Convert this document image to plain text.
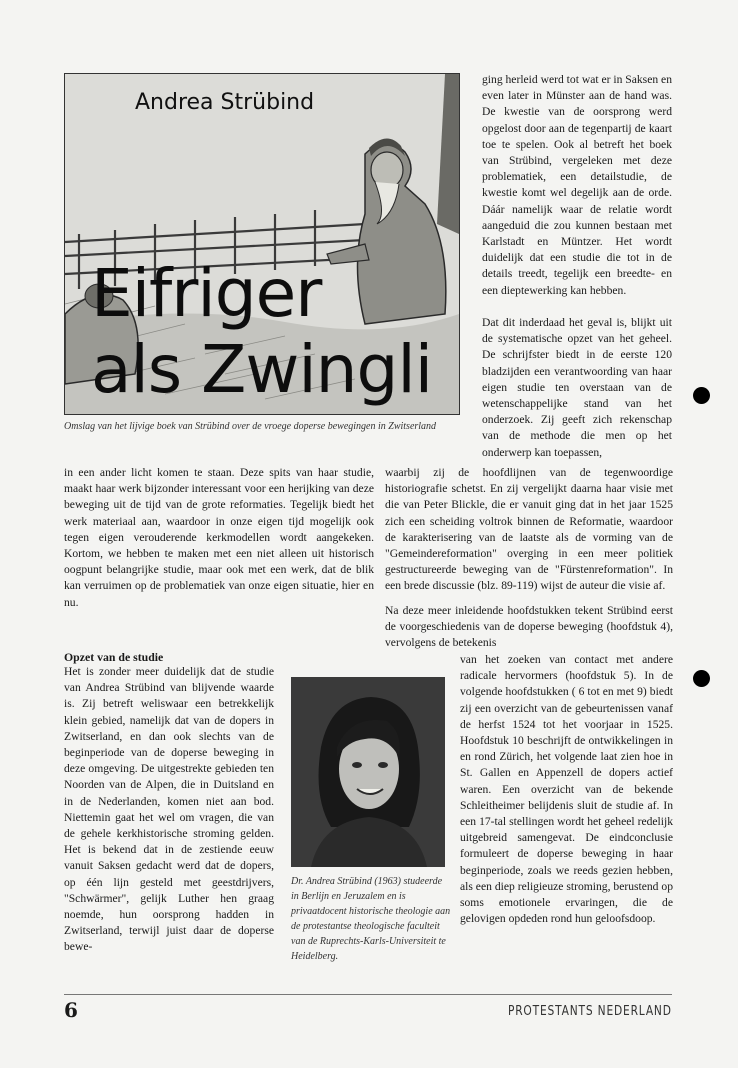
Andrea Strübind

Eifriger
als Zwingli

Omslag van het lijvige boek van Strübind over de vroege doperse bewegingen in Zwitserland

ging herleid werd tot wat er in Saksen en even later in Münster aan de hand was. De kwestie van de oorsprong werd opgelost door aan de tegenpartij de kaart toe te spelen. Ook al betreft het boek van Strübind, vergeleken met deze problematiek, een detailstudie, de kwestie komt wel degelijk aan de orde. Dáár namelijk waar de relatie wordt aangeduid die zou kunnen bestaan met Karlstadt en Müntzer. Het wordt duidelijk dat een studie die tot in de details treedt, tegelijk een breedte- en een dieptewerking kan hebben.

Dat dit inderdaad het geval is, blijkt uit de systematische opzet van het geheel. De schrijfster biedt in de eerste 120 bladzijden een verantwoording van haar eigen studie ten overstaan van de wetenschappelijke stand van het onderzoek. Zij geeft zich rekenschap van de methode die men op het onderwerp kan toepassen,

in een ander licht komen te staan. Deze spits van haar studie, maakt haar werk bijzonder interessant voor een herijking van deze beweging uit de tijd van de grote reformaties. Tegelijk biedt het werk materiaal aan, waardoor in onze eigen tijd mogelijk ook tegen eigen verouderende kerkmodellen wordt aangekeken. Kortom, we hebben te maken met een niet alleen uit historisch oogpunt belangrijke studie, maar ook met een werk, dat de blik kan verruimen op de problematiek van onze eigen situatie, hier en nu.

waarbij zij de hoofdlijnen van de tegenwoordige historiografie schetst. En zij vergelijkt daarna haar visie met die van Peter Blickle, die er vanuit ging dat in het jaar 1525 zich een scheiding voltrok binnen de Reformatie, waardoor de karakterisering van de laatste als de vorming van de "Gemeindereformation" overging in een meer politiek gestructureerde beweging van de "Fürstenreformation". In een brede discussie (blz. 89-119) wijst de auteur die visie af.

Na deze meer inleidende hoofdstukken tekent Strübind eerst de voorgeschiedenis van de doperse beweging (hoofdstuk 4), vervolgens de betekenis

van het zoeken van contact met andere radicale hervormers (hoofdstuk 5). In de volgende hoofdstukken ( 6 tot en met 9) biedt zij een overzicht van de gebeurtenissen vanaf de herfst 1524 tot het voorjaar in 1525. Hoofdstuk 10 beschrijft de ontwikkelingen in en rond Zürich, het volgende laat zien hoe in St. Gallen en Appenzell de dopers actief waren. Een overzicht van de bekende Schleitheimer belijdenis sluit de studie af. In een 17-tal stellingen wordt het geheel redelijk uitgebreid samengevat. De eindconclusie formuleert de doperse beweging in haar beginperiode, zoals we reeds gezien hebben, als een diep religieuze stroming, berustend op soms emotionele ervaringen, die de gelovigen opdeden rond hun geloofsdoop.

Opzet van de studie

Het is zonder meer duidelijk dat de studie van Andrea Strübind van blijvende waarde is. Zij betreft weliswaar een betrekkelijk klein gebied, namelijk dat van de dopers in Zwitserland, en dan ook slechts van de beginperiode van de doperse beweging in deze omgeving. De uitgestrekte gebieden ten Noorden van de Alpen, die in Duitsland en in de Nederlanden, komen niet aan bod. Niettemin gaat het wel om vragen, die van de gehele kerkhistorische stroming gelden. Het is bekend dat in de zestiende eeuw vanuit Saksen gedacht werd dat de dopers, op één lijn gesteld met geestdrijvers, "Schwärmer", gelijk Luther hen graag noemde, hun oorsprong hadden in Zwitserland, terwijl juist daar de doperse bewe-

Dr. Andrea Strübind (1963) studeerde in Berlijn en Jeruzalem en is privaatdocent historische theologie aan de protestantse theologische faculteit van de Ruprechts-Karls-Universiteit te Heidelberg.

6	PROTESTANTS NEDERLAND
